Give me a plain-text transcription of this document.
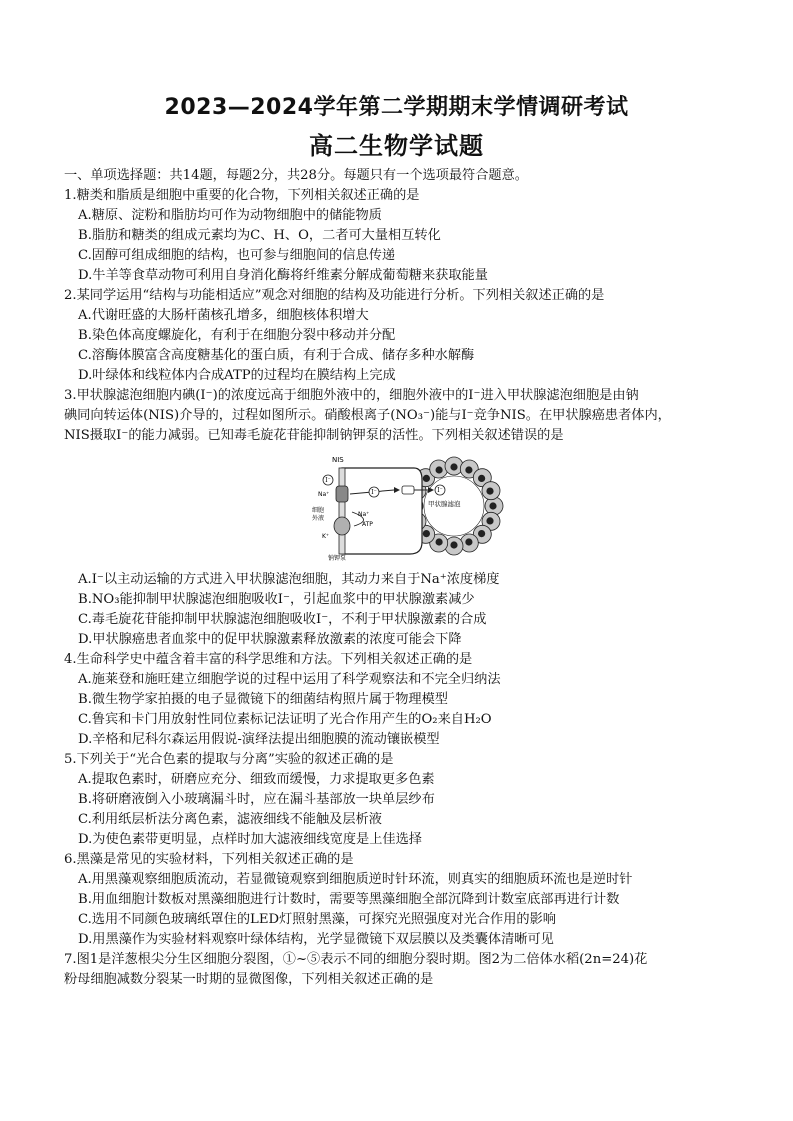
2023—2024学年第二学期期末学情调研考试
高二生物学试题
一、单项选择题：共14题，每题2分，共28分。每题只有一个选项最符合题意。
1.糖类和脂质是细胞中重要的化合物，下列相关叙述正确的是
A.糖原、淀粉和脂肪均可作为动物细胞中的储能物质
B.脂肪和糖类的组成元素均为C、H、O，二者可大量相互转化
C.固醇可组成细胞的结构，也可参与细胞间的信息传递
D.牛羊等食草动物可利用自身消化酶将纤维素分解成葡萄糖来获取能量
2.某同学运用“结构与功能相适应”观念对细胞的结构及功能进行分析。下列相关叙述正确的是
A.代谢旺盛的大肠杆菌核孔增多，细胞核体积增大
B.染色体高度螺旋化，有利于在细胞分裂中移动并分配
C.溶酶体膜富含高度糖基化的蛋白质，有利于合成、储存多种水解酶
D.叶绿体和线粒体内合成ATP的过程均在膜结构上完成
3.甲状腺滤泡细胞内碘(I⁻)的浓度远高于细胞外液中的，细胞外液中的I⁻进入甲状腺滤泡细胞是由钠
碘同向转运体(NIS)介导的，过程如图所示。硝酸根离子(NO₃⁻)能与I⁻竞争NIS。在甲状腺癌患者体内，
NIS摄取I⁻的能力减弱。已知毒毛旋花苷能抑制钠钾泵的活性。下列相关叙述错误的是
I⁻
I⁻	I⁻
NIS
Na⁺
细胞
外液
Na⁺
ATP
K⁺
钠钾泵
甲状腺滤泡
A.I⁻以主动运输的方式进入甲状腺滤泡细胞，其动力来自于Na⁺浓度梯度
B.NO₃能抑制甲状腺滤泡细胞吸收I⁻，引起血浆中的甲状腺激素减少
C.毒毛旋花苷能抑制甲状腺滤泡细胞吸收I⁻，不利于甲状腺激素的合成
D.甲状腺癌患者血浆中的促甲状腺激素释放激素的浓度可能会下降
4.生命科学史中蕴含着丰富的科学思维和方法。下列相关叙述正确的是
A.施莱登和施旺建立细胞学说的过程中运用了科学观察法和不完全归纳法
B.微生物学家拍摄的电子显微镜下的细菌结构照片属于物理模型
C.鲁宾和卡门用放射性同位素标记法证明了光合作用产生的O₂来自H₂O
D.辛格和尼科尔森运用假说-演绎法提出细胞膜的流动镶嵌模型
5.下列关于“光合色素的提取与分离”实验的叙述正确的是
A.提取色素时，研磨应充分、细致而缓慢，力求提取更多色素
B.将研磨液倒入小玻璃漏斗时，应在漏斗基部放一块单层纱布
C.利用纸层析法分离色素，滤液细线不能触及层析液
D.为使色素带更明显，点样时加大滤液细线宽度是上佳选择
6.黑藻是常见的实验材料，下列相关叙述正确的是
A.用黑藻观察细胞质流动，若显微镜观察到细胞质逆时针环流，则真实的细胞质环流也是逆时针
B.用血细胞计数板对黑藻细胞进行计数时，需要等黑藻细胞全部沉降到计数室底部再进行计数
C.选用不同颜色玻璃纸罩住的LED灯照射黑藻，可探究光照强度对光合作用的影响
D.用黑藻作为实验材料观察叶绿体结构，光学显微镜下双层膜以及类囊体清晰可见
7.图1是洋葱根尖分生区细胞分裂图，①~⑤表示不同的细胞分裂时期。图2为二倍体水稻(2n=24)花
粉母细胞减数分裂某一时期的显微图像，下列相关叙述正确的是
